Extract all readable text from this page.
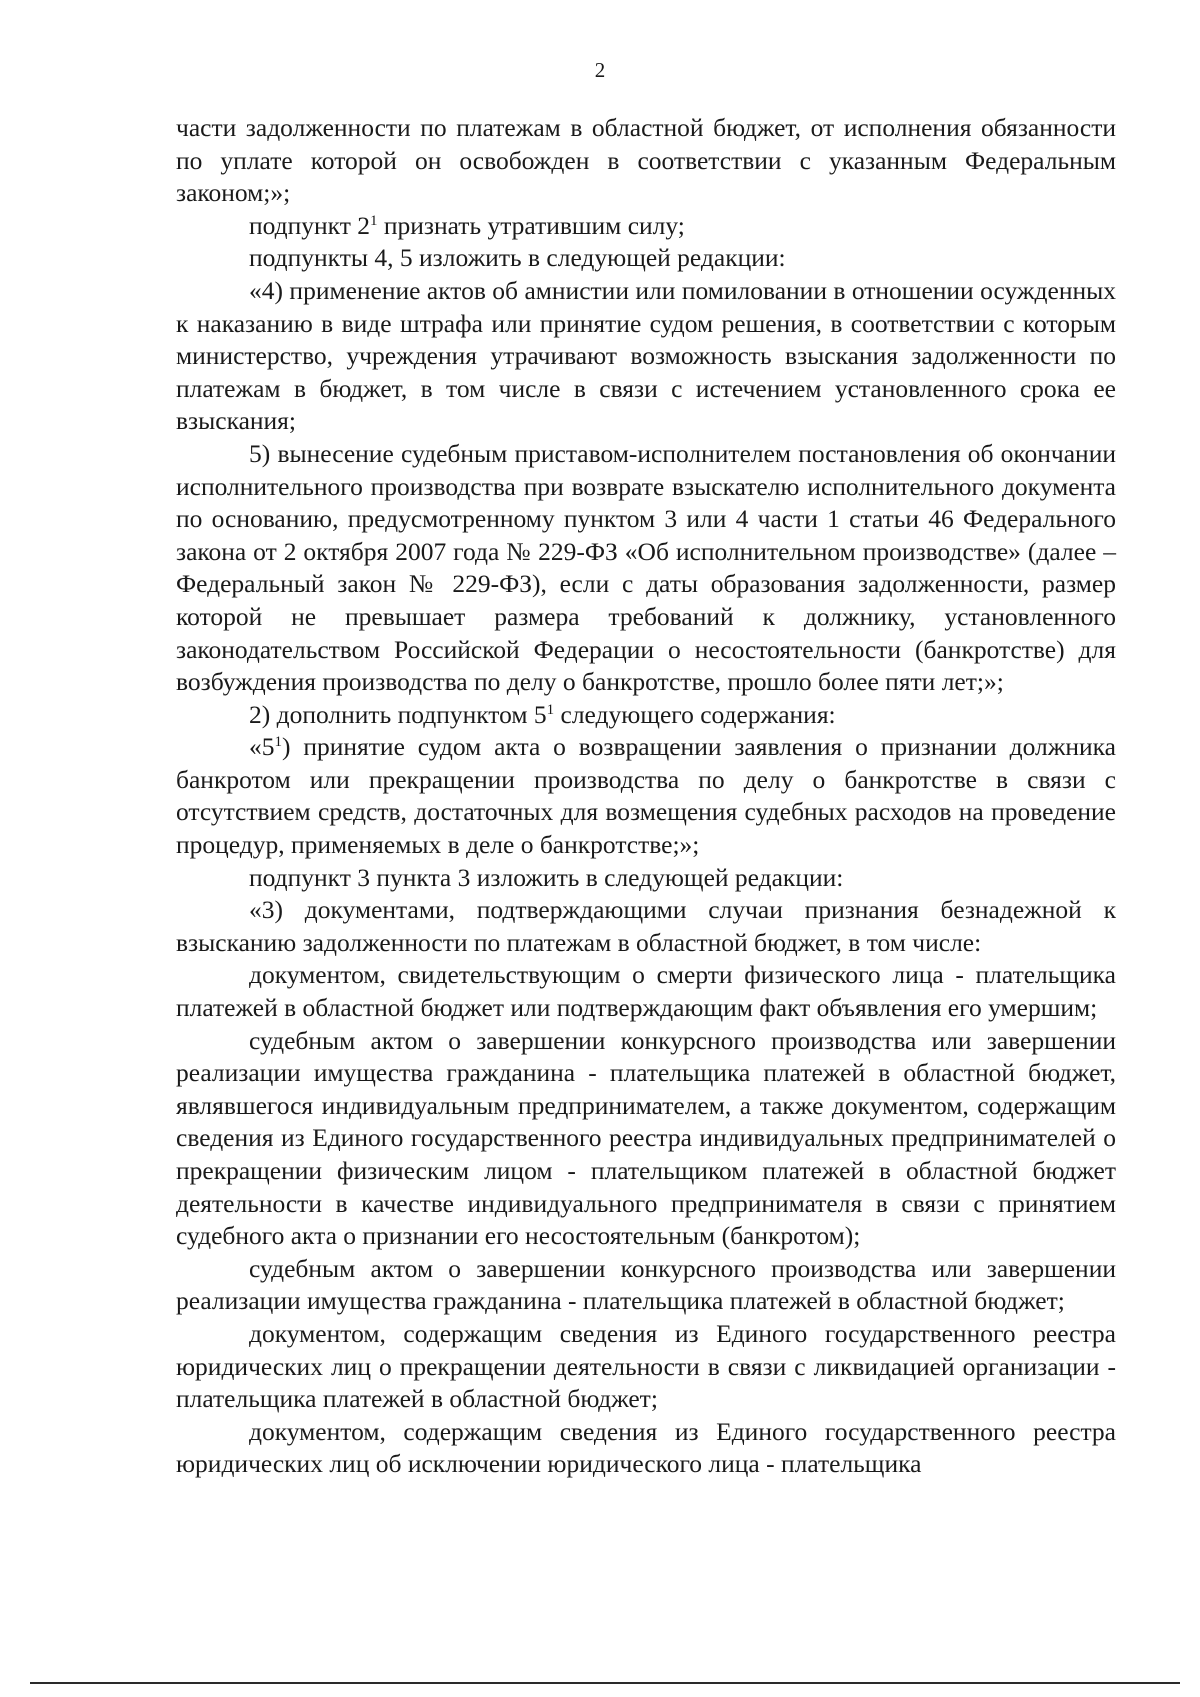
2

части задолженности по платежам в областной бюджет, от исполнения обязанности по уплате которой он освобожден в соответствии с указанным Федеральным законом;»;

подпункт $2^1$ признать утратившим силу;

подпункты 4, 5 изложить в следующей редакции:

«4) применение актов об амнистии или помиловании в отношении осужденных к наказанию в виде штрафа или принятие судом решения, в соответствии с которым министерство, учреждения утрачивают возможность взыскания задолженности по платежам в бюджет, в том числе в связи с истечением установленного срока ее взыскания;

5) вынесение судебным приставом-исполнителем постановления об окончании исполнительного производства при возврате взыскателю исполнительного документа по основанию, предусмотренному пунктом 3 или 4 части 1 статьи 46 Федерального закона от 2 октября 2007 года № 229-ФЗ «Об исполнительном производстве» (далее – Федеральный закон № 229-ФЗ), если с даты образования задолженности, размер которой не превышает размера требований к должнику, установленного законодательством Российской Федерации о несостоятельности (банкротстве) для возбуждения производства по делу о банкротстве, прошло более пяти лет;»;

2) дополнить подпунктом $5^1$ следующего содержания:

«$5^1$) принятие судом акта о возвращении заявления о признании должника банкротом или прекращении производства по делу о банкротстве в связи с отсутствием средств, достаточных для возмещения судебных расходов на проведение процедур, применяемых в деле о банкротстве;»;

подпункт 3 пункта 3 изложить в следующей редакции:

«3) документами, подтверждающими случаи признания безнадежной к взысканию задолженности по платежам в областной бюджет, в том числе:

документом, свидетельствующим о смерти физического лица - плательщика платежей в областной бюджет или подтверждающим факт объявления его умершим;

судебным актом о завершении конкурсного производства или завершении реализации имущества гражданина - плательщика платежей в областной бюджет, являвшегося индивидуальным предпринимателем, а также документом, содержащим сведения из Единого государственного реестра индивидуальных предпринимателей о прекращении физическим лицом - плательщиком платежей в областной бюджет деятельности в качестве индивидуального предпринимателя в связи с принятием судебного акта о признании его несостоятельным (банкротом);

судебным актом о завершении конкурсного производства или завершении реализации имущества гражданина - плательщика платежей в областной бюджет;

документом, содержащим сведения из Единого государственного реестра юридических лиц о прекращении деятельности в связи с ликвидацией организации - плательщика платежей в областной бюджет;

документом, содержащим сведения из Единого государственного реестра юридических лиц об исключении юридического лица - плательщика
